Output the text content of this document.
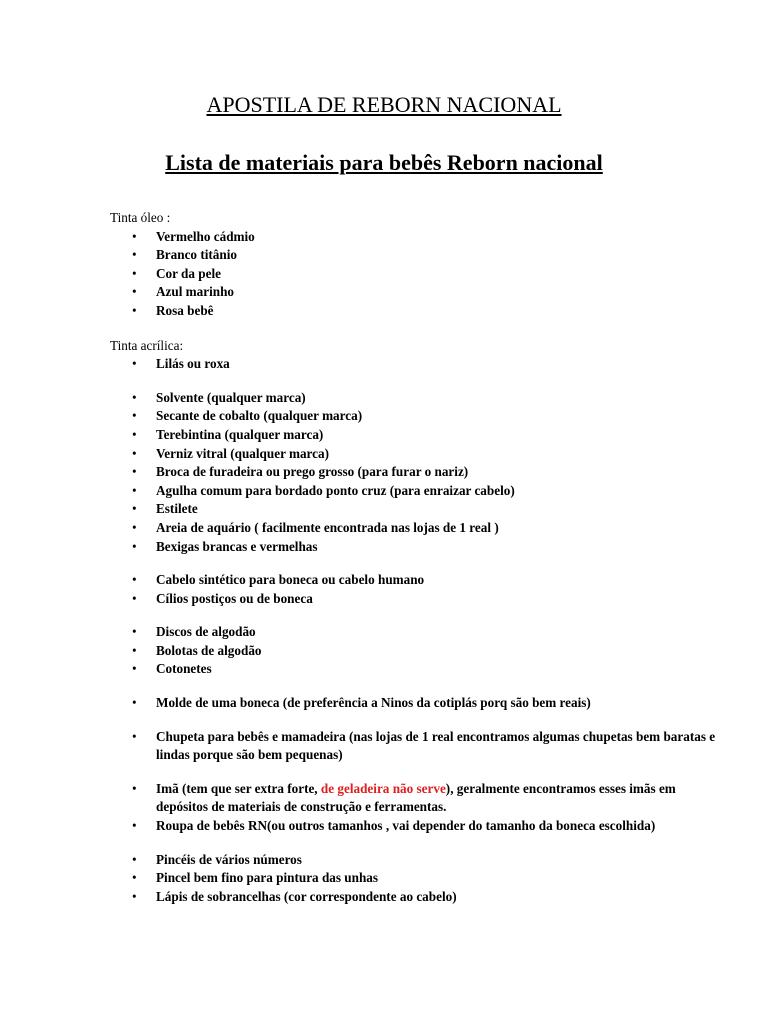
APOSTILA DE REBORN NACIONAL
Lista de materiais para bebês Reborn nacional

Tinta óleo :

• Vermelho cádmio
• Branco titânio
• Cor da pele
• Azul marinho
• Rosa bebê

Tinta acrílica:

• Lilás ou roxa
• Solvente (qualquer marca)
• Secante de cobalto (qualquer marca)
• Terebintina (qualquer marca)
• Verniz vitral (qualquer marca)
• Broca de furadeira ou prego grosso (para furar o nariz)
• Agulha comum para bordado ponto cruz (para enraizar cabelo)
• Estilete
• Areia de aquário ( facilmente encontrada nas lojas de 1 real )
• Bexigas brancas e vermelhas
• Cabelo sintético para boneca ou cabelo humano
• Cílios postiços ou de boneca
• Discos de algodão
• Bolotas de algodão
• Cotonetes
• Molde de uma boneca (de preferência a Ninos da cotiplás porq são bem reais)
• Chupeta para bebês e mamadeira (nas lojas de 1 real encontramos algumas chupetas bem baratas e lindas porque são bem pequenas)
• Imã (tem que ser extra forte, de geladeira não serve), geralmente encontramos esses imãs em depósitos de materiais de construção e ferramentas.
• Roupa de bebês RN(ou outros tamanhos , vai depender do tamanho da boneca escolhida)
• Pincéis de vários números
• Pincel bem fino para pintura das unhas
• Lápis de sobrancelhas (cor correspondente ao cabelo)
